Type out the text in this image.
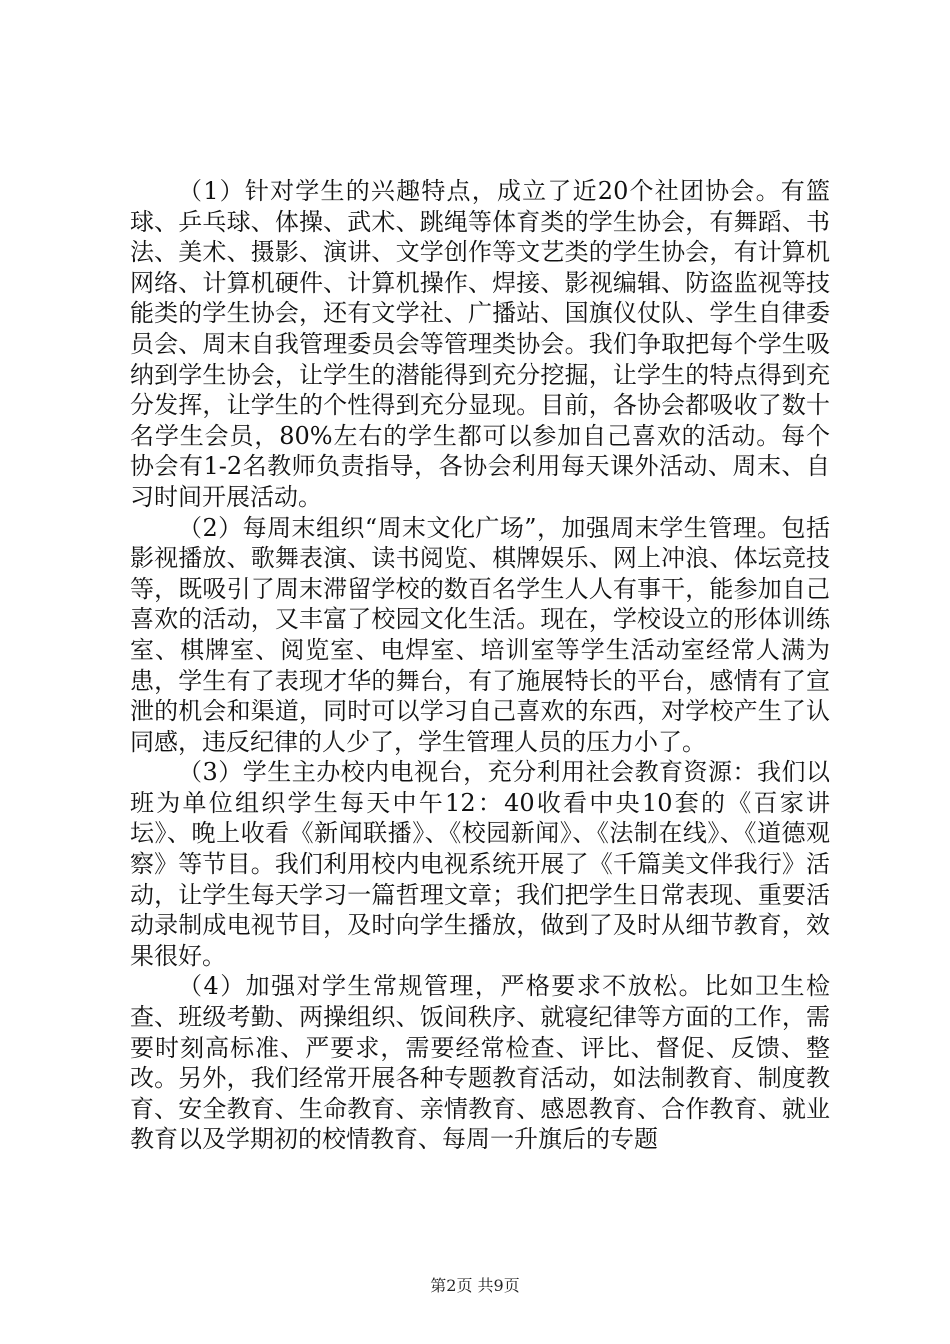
（1）针对学生的兴趣特点，成立了近20个社团协会。有篮球、乒乓球、体操、武术、跳绳等体育类的学生协会，有舞蹈、书法、美术、摄影、演讲、文学创作等文艺类的学生协会，有计算机网络、计算机硬件、计算机操作、焊接、影视编辑、防盗监视等技能类的学生协会，还有文学社、广播站、国旗仪仗队、学生自律委员会、周末自我管理委员会等管理类协会。我们争取把每个学生吸纳到学生协会，让学生的潜能得到充分挖掘，让学生的特点得到充分发挥，让学生的个性得到充分显现。目前，各协会都吸收了数十名学生会员，80%左右的学生都可以参加自己喜欢的活动。每个协会有1-2名教师负责指导，各协会利用每天课外活动、周末、自习时间开展活动。

（2）每周末组织“周末文化广场”，加强周末学生管理。包括影视播放、歌舞表演、读书阅览、棋牌娱乐、网上冲浪、体坛竞技等，既吸引了周末滞留学校的数百名学生人人有事干，能参加自己喜欢的活动，又丰富了校园文化生活。现在，学校设立的形体训练室、棋牌室、阅览室、电焊室、培训室等学生活动室经常人满为患，学生有了表现才华的舞台，有了施展特长的平台，感情有了宣泄的机会和渠道，同时可以学习自己喜欢的东西，对学校产生了认同感，违反纪律的人少了，学生管理人员的压力小了。

（3）学生主办校内电视台，充分利用社会教育资源：我们以班为单位组织学生每天中午12：40收看中央10套的《百家讲坛》、晚上收看《新闻联播》、《校园新闻》、《法制在线》、《道德观察》等节目。我们利用校内电视系统开展了《千篇美文伴我行》活动，让学生每天学习一篇哲理文章；我们把学生日常表现、重要活动录制成电视节目，及时向学生播放，做到了及时从细节教育，效果很好。

（4）加强对学生常规管理，严格要求不放松。比如卫生检查、班级考勤、两操组织、饭间秩序、就寝纪律等方面的工作，需要时刻高标准、严要求，需要经常检查、评比、督促、反馈、整改。另外，我们经常开展各种专题教育活动，如法制教育、制度教育、安全教育、生命教育、亲情教育、感恩教育、合作教育、就业教育以及学期初的校情教育、每周一升旗后的专题

第2页 共9页
